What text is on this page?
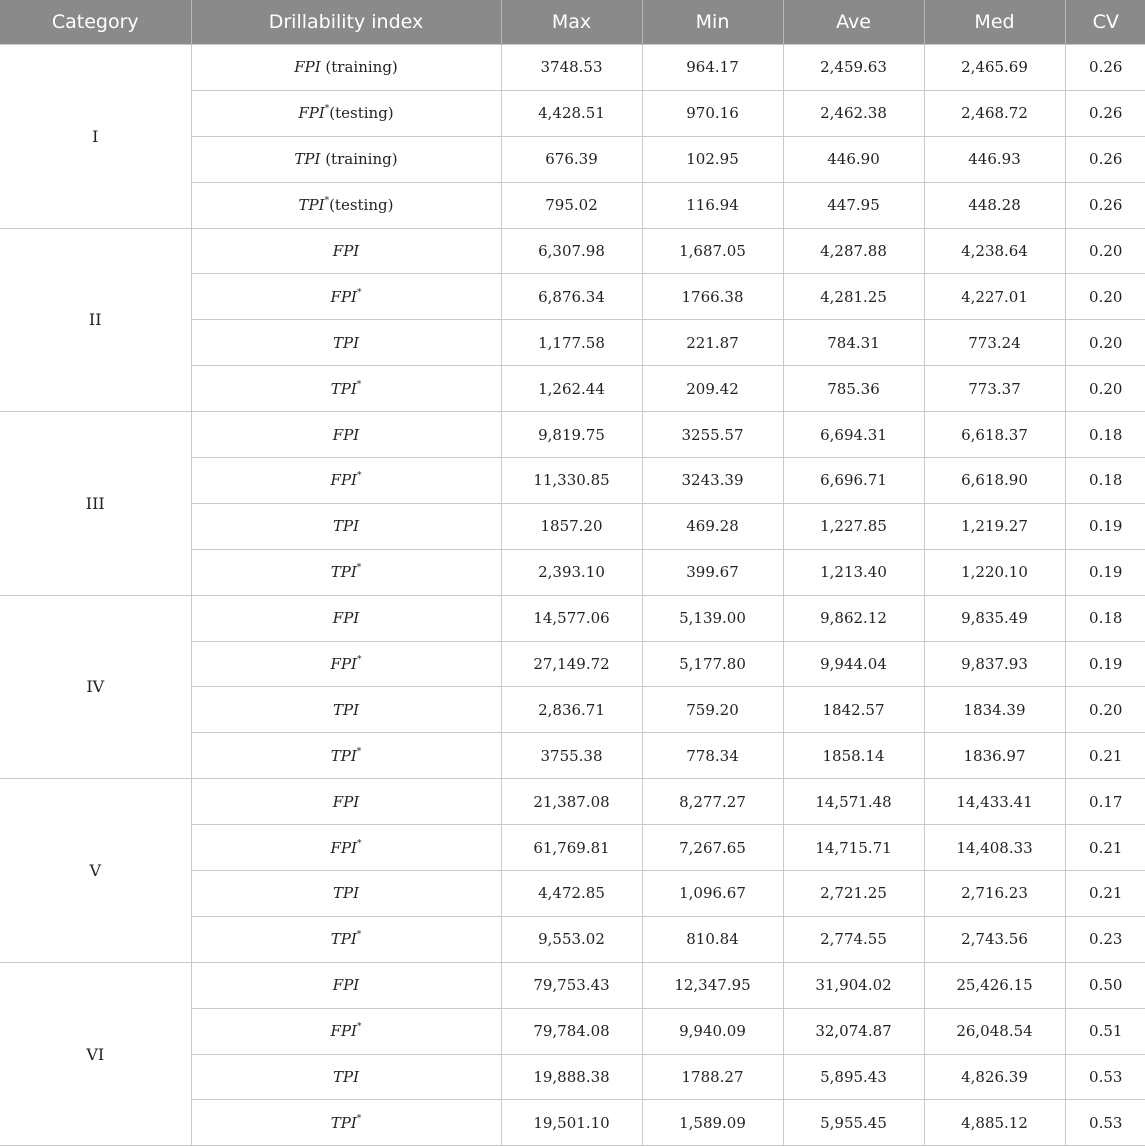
Category	Drillability index	Max	Min	Ave	Med	CV
I	FPI (training)	3748.53	964.17	2,459.63	2,465.69	0.26
	FPI*(testing)	4,428.51	970.16	2,462.38	2,468.72	0.26
	TPI (training)	676.39	102.95	446.90	446.93	0.26
	TPI*(testing)	795.02	116.94	447.95	448.28	0.26
II	FPI	6,307.98	1,687.05	4,287.88	4,238.64	0.20
	FPI*	6,876.34	1766.38	4,281.25	4,227.01	0.20
	TPI	1,177.58	221.87	784.31	773.24	0.20
	TPI*	1,262.44	209.42	785.36	773.37	0.20
III	FPI	9,819.75	3255.57	6,694.31	6,618.37	0.18
	FPI*	11,330.85	3243.39	6,696.71	6,618.90	0.18
	TPI	1857.20	469.28	1,227.85	1,219.27	0.19
	TPI*	2,393.10	399.67	1,213.40	1,220.10	0.19
IV	FPI	14,577.06	5,139.00	9,862.12	9,835.49	0.18
	FPI*	27,149.72	5,177.80	9,944.04	9,837.93	0.19
	TPI	2,836.71	759.20	1842.57	1834.39	0.20
	TPI*	3755.38	778.34	1858.14	1836.97	0.21
V	FPI	21,387.08	8,277.27	14,571.48	14,433.41	0.17
	FPI*	61,769.81	7,267.65	14,715.71	14,408.33	0.21
	TPI	4,472.85	1,096.67	2,721.25	2,716.23	0.21
	TPI*	9,553.02	810.84	2,774.55	2,743.56	0.23
VI	FPI	79,753.43	12,347.95	31,904.02	25,426.15	0.50
	FPI*	79,784.08	9,940.09	32,074.87	26,048.54	0.51
	TPI	19,888.38	1788.27	5,895.43	4,826.39	0.53
	TPI*	19,501.10	1,589.09	5,955.45	4,885.12	0.53
